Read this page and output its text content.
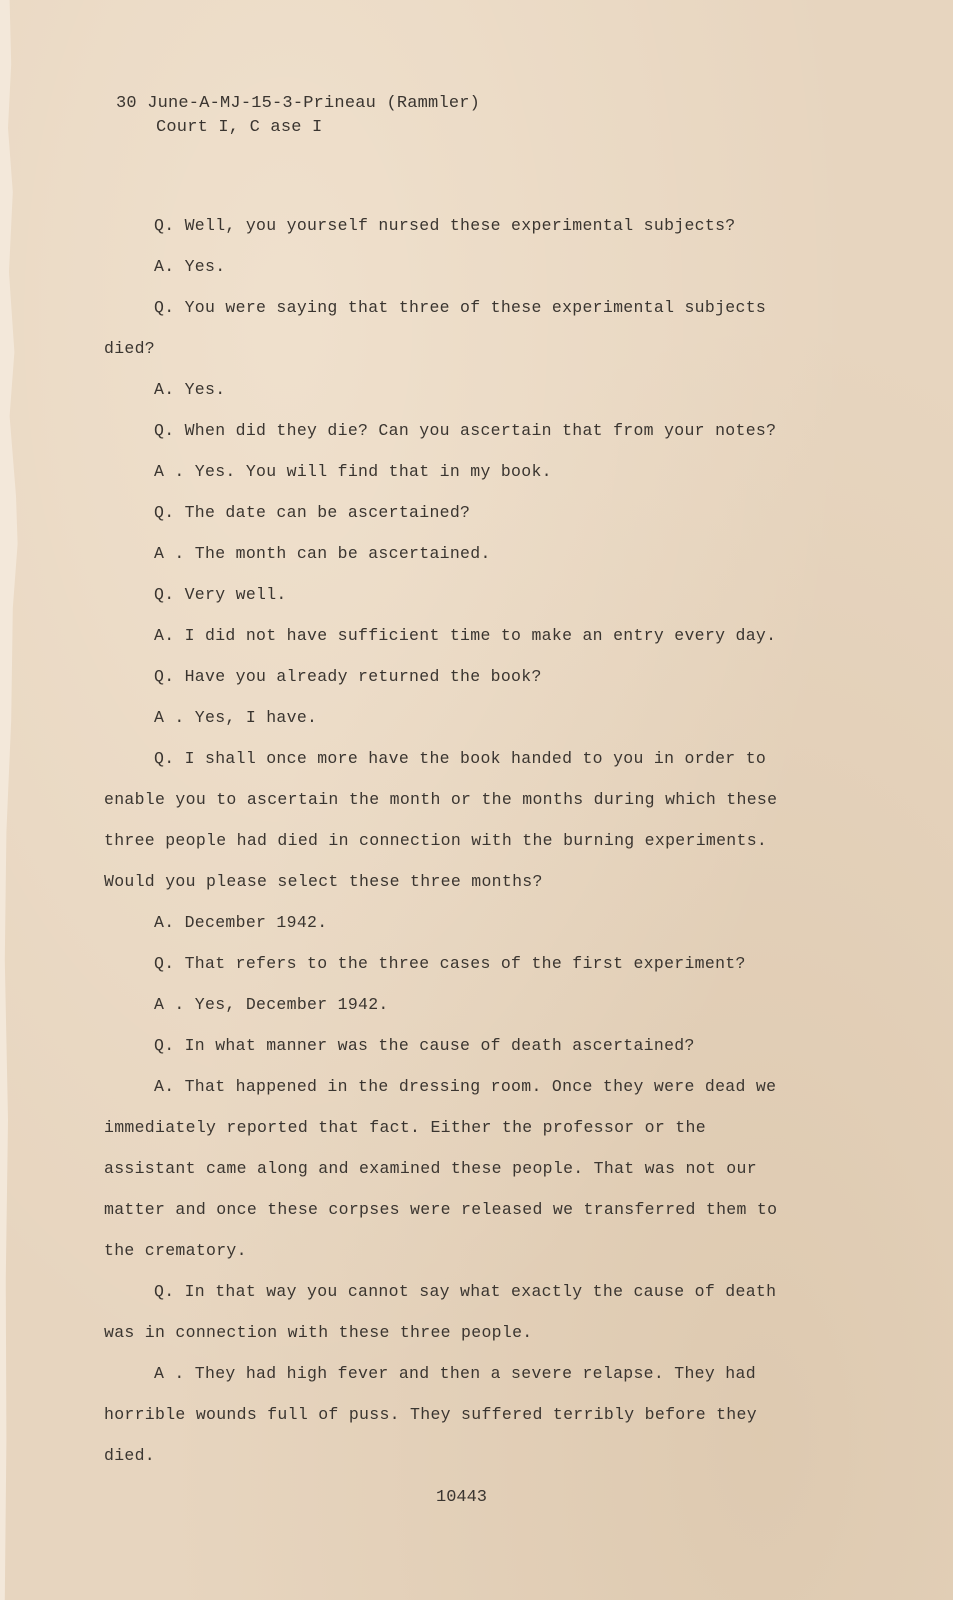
30 June-A-MJ-15-3-Prineau (Rammler)
Court I, C ase I

Q. Well, you yourself nursed these experimental subjects?

A. Yes.

Q. You were saying that three of these experimental subjects died?

A. Yes.

Q. When did they die? Can you ascertain that from your notes?

A . Yes. You will find that in my book.

Q. The date can be ascertained?

A . The month can be ascertained.

Q. Very well.

A. I did not have sufficient time to make an entry every day.

Q. Have you already returned the book?

A . Yes, I have.

Q. I shall once more have the book handed to you in order to enable you to ascertain the month or the months during which these three people had died in connection with the burning experiments. Would you please select these three months?

A. December 1942.

Q. That refers to the three cases of the first experiment?

A . Yes, December 1942.

Q. In what manner was the cause of death ascertained?

A. That happened in the dressing room. Once they were dead we immediately reported that fact. Either the professor or the assistant came along and examined these people. That was not our matter and once these corpses were released we transferred them to the crematory.

Q. In that way you cannot say what exactly the cause of death was in connection with these three people.

A . They had high fever and then a severe relapse. They had horrible wounds full of puss. They suffered terribly before they died.

10443
